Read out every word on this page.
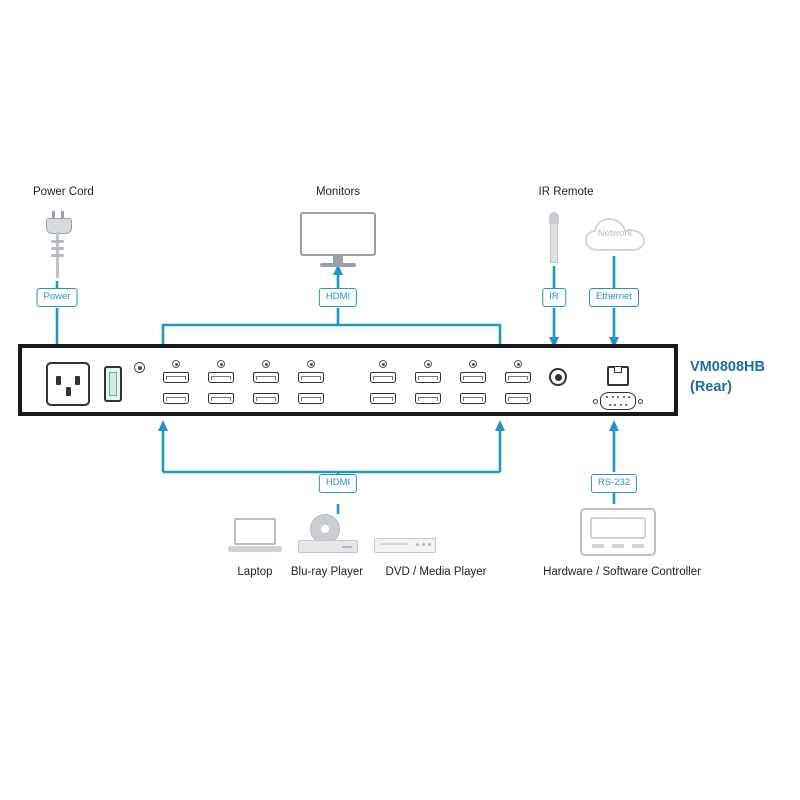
Network
Power Cord	Monitors	IR Remote
Power	HDMI	IR	Ethernet
VM0808HB
(Rear)
HDMI	RS-232
Laptop Blu-ray Player DVD / Media Player	Hardware / Software Controller
